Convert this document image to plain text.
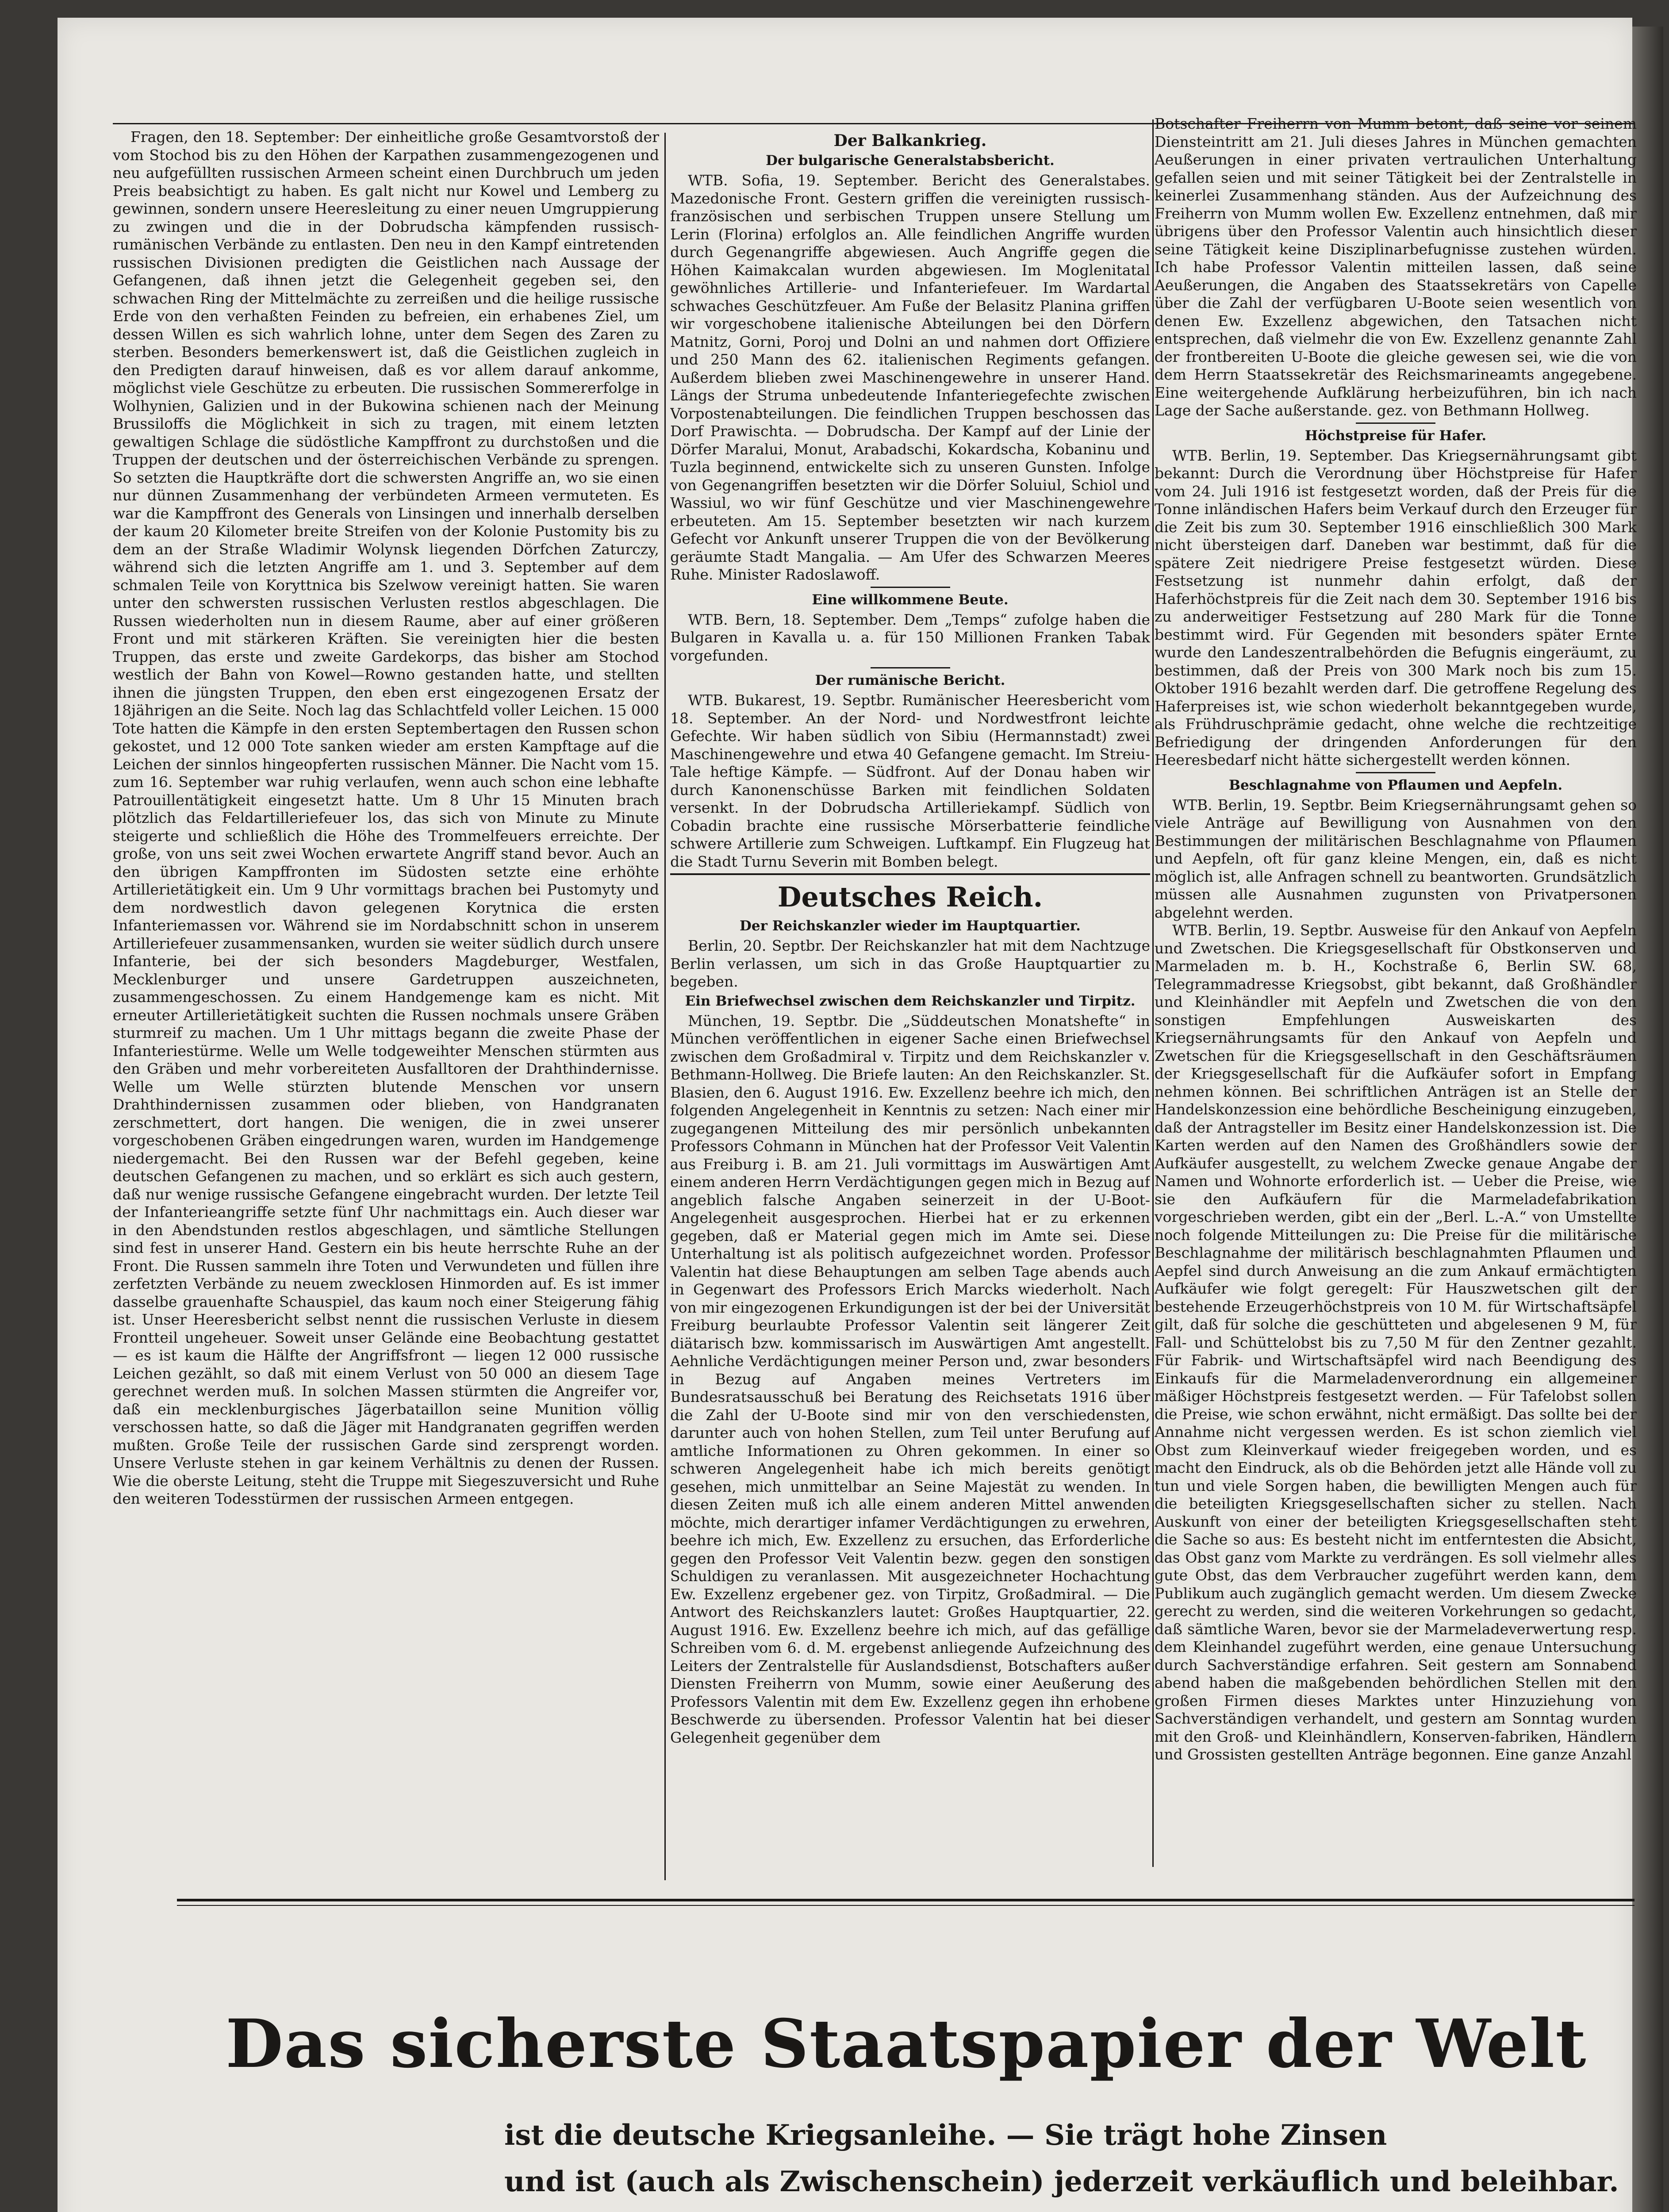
Fragen, den 18. September: Der einheitliche große Gesamtvorstoß der vom Stochod bis zu den Höhen der Karpathen zusammengezogenen und neu aufgefüllten russischen Armeen scheint einen Durchbruch um jeden Preis beabsichtigt zu haben. Es galt nicht nur Kowel und Lemberg zu gewinnen, sondern unsere Heeresleitung zu einer neuen Umgruppierung zu zwingen und die in der Dobrudscha kämpfenden russisch-rumänischen Verbände zu entlasten. Den neu in den Kampf eintretenden russischen Divisionen predigten die Geistlichen nach Aussage der Gefangenen, daß ihnen jetzt die Gelegenheit gegeben sei, den schwachen Ring der Mittelmächte zu zerreißen und die heilige russische Erde von den verhaßten Feinden zu befreien, ein erhabenes Ziel, um dessen Willen es sich wahrlich lohne, unter dem Segen des Zaren zu sterben. Besonders bemerkenswert ist, daß die Geistlichen zugleich in den Predigten darauf hinweisen, daß es vor allem darauf ankomme, möglichst viele Geschütze zu erbeuten. Die russischen Sommererfolge in Wolhynien, Galizien und in der Bukowina schienen nach der Meinung Brussiloffs die Möglichkeit in sich zu tragen, mit einem letzten gewaltigen Schlage die südöstliche Kampffront zu durchstoßen und die Truppen der deutschen und der österreichischen Verbände zu sprengen. So setzten die Hauptkräfte dort die schwersten Angriffe an, wo sie einen nur dünnen Zusammenhang der verbündeten Armeen vermuteten. Es war die Kampffront des Generals von Linsingen und innerhalb derselben der kaum 20 Kilometer breite Streifen von der Kolonie Pustomity bis zu dem an der Straße Wladimir Wolynsk liegenden Dörfchen Zaturczy, während sich die letzten Angriffe am 1. und 3. September auf dem schmalen Teile von Koryttnica bis Szelwow vereinigt hatten. Sie waren unter den schwersten russischen Verlusten restlos abgeschlagen. Die Russen wiederholten nun in diesem Raume, aber auf einer größeren Front und mit stärkeren Kräften. Sie vereinigten hier die besten Truppen, das erste und zweite Gardekorps, das bisher am Stochod westlich der Bahn von Kowel—Rowno gestanden hatte, und stellten ihnen die jüngsten Truppen, den eben erst eingezogenen Ersatz der 18jährigen an die Seite. Noch lag das Schlachtfeld voller Leichen. 15 000 Tote hatten die Kämpfe in den ersten Septembertagen den Russen schon gekostet, und 12 000 Tote sanken wieder am ersten Kampftage auf die Leichen der sinnlos hingeopferten russischen Männer. Die Nacht vom 15. zum 16. September war ruhig verlaufen, wenn auch schon eine lebhafte Patrouillentätigkeit eingesetzt hatte. Um 8 Uhr 15 Minuten brach plötzlich das Feldartilleriefeuer los, das sich von Minute zu Minute steigerte und schließlich die Höhe des Trommelfeuers erreichte. Der große, von uns seit zwei Wochen erwartete Angriff stand bevor. Auch an den übrigen Kampffronten im Südosten setzte eine erhöhte Artillerietätigkeit ein. Um 9 Uhr vormittags brachen bei Pustomyty und dem nordwestlich davon gelegenen Korytnica die ersten Infanteriemassen vor. Während sie im Nordabschnitt schon in unserem Artilleriefeuer zusammensanken, wurden sie weiter südlich durch unsere Infanterie, bei der sich besonders Magdeburger, Westfalen, Mecklenburger und unsere Gardetruppen auszeichneten, zusammengeschossen. Zu einem Handgemenge kam es nicht. Mit erneuter Artillerietätigkeit suchten die Russen nochmals unsere Gräben sturmreif zu machen. Um 1 Uhr mittags begann die zweite Phase der Infanteriestürme. Welle um Welle todgeweihter Menschen stürmten aus den Gräben und mehr vorbereiteten Ausfalltoren der Drahthindernisse. Welle um Welle stürzten blutende Menschen vor unsern Drahthindernissen zusammen oder blieben, von Handgranaten zerschmettert, dort hangen. Die wenigen, die in zwei unserer vorgeschobenen Gräben eingedrungen waren, wurden im Handgemenge niedergemacht. Bei den Russen war der Befehl gegeben, keine deutschen Gefangenen zu machen, und so erklärt es sich auch gestern, daß nur wenige russische Gefangene eingebracht wurden. Der letzte Teil der Infanterieangriffe setzte fünf Uhr nachmittags ein. Auch dieser war in den Abendstunden restlos abgeschlagen, und sämtliche Stellungen sind fest in unserer Hand. Gestern ein bis heute herrschte Ruhe an der Front. Die Russen sammeln ihre Toten und Verwundeten und füllen ihre zerfetzten Verbände zu neuem zwecklosen Hinmorden auf. Es ist immer dasselbe grauenhafte Schauspiel, das kaum noch einer Steigerung fähig ist. Unser Heeresbericht selbst nennt die russischen Verluste in diesem Frontteil ungeheuer. Soweit unser Gelände eine Beobachtung gestattet — es ist kaum die Hälfte der Angriffsfront — liegen 12 000 russische Leichen gezählt, so daß mit einem Verlust von 50 000 an diesem Tage gerechnet werden muß. In solchen Massen stürmten die Angreifer vor, daß ein mecklenburgisches Jägerbataillon seine Munition völlig verschossen hatte, so daß die Jäger mit Handgranaten gegriffen werden mußten. Große Teile der russischen Garde sind zersprengt worden. Unsere Verluste stehen in gar keinem Verhältnis zu denen der Russen. Wie die oberste Leitung, steht die Truppe mit Siegeszuversicht und Ruhe den weiteren Todesstürmen der russischen Armeen entgegen.

Der Balkankrieg.
Der bulgarische Generalstabsbericht.

WTB. Sofia, 19. September. Bericht des Generalstabes. Mazedonische Front. Gestern griffen die vereinigten russisch-französischen und serbischen Truppen unsere Stellung um Lerin (Florina) erfolglos an. Alle feindlichen Angriffe wurden durch Gegenangriffe abgewiesen. Auch Angriffe gegen die Höhen Kaimakcalan wurden abgewiesen. Im Moglenitatal gewöhnliches Artillerie- und Infanteriefeuer. Im Wardartal schwaches Geschützfeuer. Am Fuße der Belasitz Planina griffen wir vorgeschobene italienische Abteilungen bei den Dörfern Matnitz, Gorni, Poroj und Dolni an und nahmen dort Offiziere und 250 Mann des 62. italienischen Regiments gefangen. Außerdem blieben zwei Maschinengewehre in unserer Hand. Längs der Struma unbedeutende Infanteriegefechte zwischen Vorpostenabteilungen. Die feindlichen Truppen beschossen das Dorf Prawischta. — Dobrudscha. Der Kampf auf der Linie der Dörfer Maralui, Monut, Arabadschi, Kokardscha, Kobaninu und Tuzla beginnend, entwickelte sich zu unseren Gunsten. Infolge von Gegenangriffen besetzten wir die Dörfer Soluiul, Schiol und Wassiul, wo wir fünf Geschütze und vier Maschinengewehre erbeuteten. Am 15. September besetzten wir nach kurzem Gefecht vor Ankunft unserer Truppen die von der Bevölkerung geräumte Stadt Mangalia. — Am Ufer des Schwarzen Meeres Ruhe. Minister Radoslawoff.

Eine willkommene Beute.

WTB. Bern, 18. September. Dem „Temps“ zufolge haben die Bulgaren in Kavalla u. a. für 150 Millionen Franken Tabak vorgefunden.

Der rumänische Bericht.

WTB. Bukarest, 19. Septbr. Rumänischer Heeresbericht vom 18. September. An der Nord- und Nordwestfront leichte Gefechte. Wir haben südlich von Sibiu (Hermannstadt) zwei Maschinengewehre und etwa 40 Gefangene gemacht. Im Streiu-Tale heftige Kämpfe. — Südfront. Auf der Donau haben wir durch Kanonenschüsse Barken mit feindlichen Soldaten versenkt. In der Dobrudscha Artilleriekampf. Südlich von Cobadin brachte eine russische Mörserbatterie feindliche schwere Artillerie zum Schweigen. Luftkampf. Ein Flugzeug hat die Stadt Turnu Severin mit Bomben belegt.

Deutsches Reich.
Der Reichskanzler wieder im Hauptquartier.

Berlin, 20. Septbr. Der Reichskanzler hat mit dem Nachtzuge Berlin verlassen, um sich in das Große Hauptquartier zu begeben.

Ein Briefwechsel zwischen dem Reichskanzler und Tirpitz.

München, 19. Septbr. Die „Süddeutschen Monatshefte“ in München veröffentlichen in eigener Sache einen Briefwechsel zwischen dem Großadmiral v. Tirpitz und dem Reichskanzler v. Bethmann-Hollweg. Die Briefe lauten: An den Reichskanzler. St. Blasien, den 6. August 1916. Ew. Exzellenz beehre ich mich, den folgenden Angelegenheit in Kenntnis zu setzen: Nach einer mir zugegangenen Mitteilung des mir persönlich unbekannten Professors Cohmann in München hat der Professor Veit Valentin aus Freiburg i. B. am 21. Juli vormittags im Auswärtigen Amt einem anderen Herrn Verdächtigungen gegen mich in Bezug auf angeblich falsche Angaben seinerzeit in der U-Boot-Angelegenheit ausgesprochen. Hierbei hat er zu erkennen gegeben, daß er Material gegen mich im Amte sei. Diese Unterhaltung ist als politisch aufgezeichnet worden. Professor Valentin hat diese Behauptungen am selben Tage abends auch in Gegenwart des Professors Erich Marcks wiederholt. Nach von mir eingezogenen Erkundigungen ist der bei der Universität Freiburg beurlaubte Professor Valentin seit längerer Zeit diätarisch bzw. kommissarisch im Auswärtigen Amt angestellt. Aehnliche Verdächtigungen meiner Person und, zwar besonders in Bezug auf Angaben meines Vertreters im Bundesratsausschuß bei Beratung des Reichsetats 1916 über die Zahl der U-Boote sind mir von den verschiedensten, darunter auch von hohen Stellen, zum Teil unter Berufung auf amtliche Informationen zu Ohren gekommen. In einer so schweren Angelegenheit habe ich mich bereits genötigt gesehen, mich unmittelbar an Seine Majestät zu wenden. In diesen Zeiten muß ich alle einem anderen Mittel anwenden möchte, mich derartiger infamer Verdächtigungen zu erwehren, beehre ich mich, Ew. Exzellenz zu ersuchen, das Erforderliche gegen den Professor Veit Valentin bezw. gegen den sonstigen Schuldigen zu veranlassen. Mit ausgezeichneter Hochachtung Ew. Exzellenz ergebener gez. von Tirpitz, Großadmiral. — Die Antwort des Reichskanzlers lautet: Großes Hauptquartier, 22. August 1916. Ew. Exzellenz beehre ich mich, auf das gefällige Schreiben vom 6. d. M. ergebenst anliegende Aufzeichnung des Leiters der Zentralstelle für Auslandsdienst, Botschafters außer Diensten Freiherrn von Mumm, sowie einer Aeußerung des Professors Valentin mit dem Ew. Exzellenz gegen ihn erhobene Beschwerde zu übersenden. Professor Valentin hat bei dieser Gelegenheit gegenüber dem

Botschafter Freiherrn von Mumm betont, daß seine vor seinem Diensteintritt am 21. Juli dieses Jahres in München gemachten Aeußerungen in einer privaten vertraulichen Unterhaltung gefallen seien und mit seiner Tätigkeit bei der Zentralstelle in keinerlei Zusammenhang ständen. Aus der Aufzeichnung des Freiherrn von Mumm wollen Ew. Exzellenz entnehmen, daß mir übrigens über den Professor Valentin auch hinsichtlich dieser seine Tätigkeit keine Disziplinarbefugnisse zustehen würden. Ich habe Professor Valentin mitteilen lassen, daß seine Aeußerungen, die Angaben des Staatssekretärs von Capelle über die Zahl der verfügbaren U-Boote seien wesentlich von denen Ew. Exzellenz abgewichen, den Tatsachen nicht entsprechen, daß vielmehr die von Ew. Exzellenz genannte Zahl der frontbereiten U-Boote die gleiche gewesen sei, wie die von dem Herrn Staatssekretär des Reichsmarineamts angegebene. Eine weitergehende Aufklärung herbeizuführen, bin ich nach Lage der Sache außerstande. gez. von Bethmann Hollweg.

Höchstpreise für Hafer.

WTB. Berlin, 19. September. Das Kriegsernährungsamt gibt bekannt: Durch die Verordnung über Höchstpreise für Hafer vom 24. Juli 1916 ist festgesetzt worden, daß der Preis für die Tonne inländischen Hafers beim Verkauf durch den Erzeuger für die Zeit bis zum 30. September 1916 einschließlich 300 Mark nicht übersteigen darf. Daneben war bestimmt, daß für die spätere Zeit niedrigere Preise festgesetzt würden. Diese Festsetzung ist nunmehr dahin erfolgt, daß der Haferhöchstpreis für die Zeit nach dem 30. September 1916 bis zu anderweitiger Festsetzung auf 280 Mark für die Tonne bestimmt wird. Für Gegenden mit besonders später Ernte wurde den Landeszentralbehörden die Befugnis eingeräumt, zu bestimmen, daß der Preis von 300 Mark noch bis zum 15. Oktober 1916 bezahlt werden darf. Die getroffene Regelung des Haferpreises ist, wie schon wiederholt bekanntgegeben wurde, als Frühdruschprämie gedacht, ohne welche die rechtzeitige Befriedigung der dringenden Anforderungen für den Heeresbedarf nicht hätte sichergestellt werden können.

Beschlagnahme von Pflaumen und Aepfeln.

WTB. Berlin, 19. Septbr. Beim Kriegsernährungsamt gehen so viele Anträge auf Bewilligung von Ausnahmen von den Bestimmungen der militärischen Beschlagnahme von Pflaumen und Aepfeln, oft für ganz kleine Mengen, ein, daß es nicht möglich ist, alle Anfragen schnell zu beantworten. Grundsätzlich müssen alle Ausnahmen zugunsten von Privatpersonen abgelehnt werden.

WTB. Berlin, 19. Septbr. Ausweise für den Ankauf von Aepfeln und Zwetschen. Die Kriegsgesellschaft für Obstkonserven und Marmeladen m. b. H., Kochstraße 6, Berlin SW. 68, Telegrammadresse Kriegsobst, gibt bekannt, daß Großhändler und Kleinhändler mit Aepfeln und Zwetschen die von den sonstigen Empfehlungen Ausweiskarten des Kriegsernährungsamts für den Ankauf von Aepfeln und Zwetschen für die Kriegsgesellschaft in den Geschäftsräumen der Kriegsgesellschaft für die Aufkäufer sofort in Empfang nehmen können. Bei schriftlichen Anträgen ist an Stelle der Handelskonzession eine behördliche Bescheinigung einzugeben, daß der Antragsteller im Besitz einer Handelskonzession ist. Die Karten werden auf den Namen des Großhändlers sowie der Aufkäufer ausgestellt, zu welchem Zwecke genaue Angabe der Namen und Wohnorte erforderlich ist. — Ueber die Preise, wie sie den Aufkäufern für die Marmeladefabrikation vorgeschrieben werden, gibt ein der „Berl. L.-A.“ von Umstellte noch folgende Mitteilungen zu: Die Preise für die militärische Beschlagnahme der militärisch beschlagnahmten Pflaumen und Aepfel sind durch Anweisung an die zum Ankauf ermächtigten Aufkäufer wie folgt geregelt: Für Hauszwetschen gilt der bestehende Erzeugerhöchstpreis von 10 M. für Wirtschaftsäpfel gilt, daß für solche die geschütteten und abgelesenen 9 M, für Fall- und Schüttelobst bis zu 7,50 M für den Zentner gezahlt. Für Fabrik- und Wirtschaftsäpfel wird nach Beendigung des Einkaufs für die Marmeladenverordnung ein allgemeiner mäßiger Höchstpreis festgesetzt werden. — Für Tafelobst sollen die Preise, wie schon erwähnt, nicht ermäßigt. Das sollte bei der Annahme nicht vergessen werden. Es ist schon ziemlich viel Obst zum Kleinverkauf wieder freigegeben worden, und es macht den Eindruck, als ob die Behörden jetzt alle Hände voll zu tun und viele Sorgen haben, die bewilligten Mengen auch für die beteiligten Kriegsgesellschaften sicher zu stellen. Nach Auskunft von einer der beteiligten Kriegsgesellschaften steht die Sache so aus: Es besteht nicht im entferntesten die Absicht, das Obst ganz vom Markte zu verdrängen. Es soll vielmehr alles gute Obst, das dem Verbraucher zugeführt werden kann, dem Publikum auch zugänglich gemacht werden. Um diesem Zwecke gerecht zu werden, sind die weiteren Vorkehrungen so gedacht, daß sämtliche Waren, bevor sie der Marmeladeverwertung resp. dem Kleinhandel zugeführt werden, eine genaue Untersuchung durch Sachverständige erfahren. Seit gestern am Sonnabend abend haben die maßgebenden behördlichen Stellen mit den großen Firmen dieses Marktes unter Hinzuziehung von Sachverständigen verhandelt, und gestern am Sonntag wurden mit den Groß- und Kleinhändlern, Konserven-fabriken, Händlern und Grossisten gestellten Anträge begonnen. Eine ganze Anzahl

Das sicherste Staatspapier der Welt
ist die deutsche Kriegsanleihe. — Sie trägt hohe Zinsen
und ist (auch als Zwischenschein) jederzeit verkäuflich und beleihbar.
